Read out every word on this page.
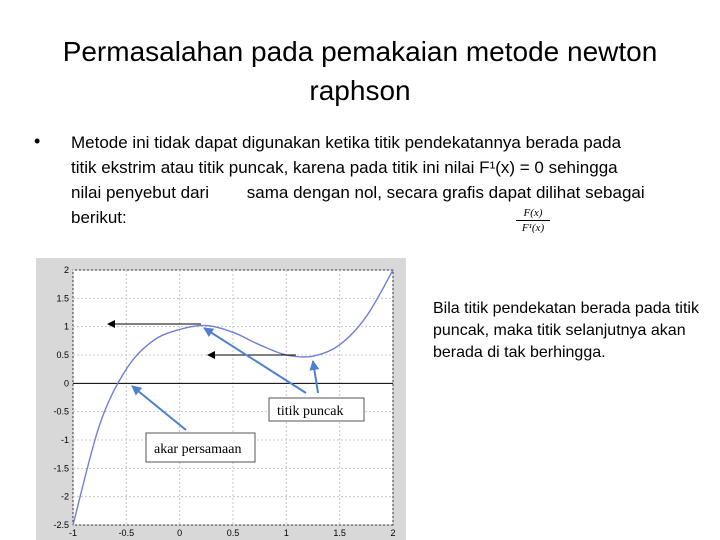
Permasalahan pada pemakaian metode newton raphson
• Metode ini tidak dapat digunakan ketika titik pendekatannya berada pada
titik ekstrim atau titik puncak, karena pada titik ini nilai F¹(x) = 0 sehingga
nilai penyebut dari        sama dengan nol, secara grafis dapat dilihat sebagai
berikut:	$\frac{F(x)}{\text{F¹(x)}}$
-1	-0.5	0	0.5	1	1.5	2
2
1.5
1
0.5
0
-0.5
-1
-1.5
-2
-2.5
titik puncak
akar persamaan
Bila titik pendekatan berada pada titik puncak, maka titik selanjutnya akan berada di tak berhingga.
